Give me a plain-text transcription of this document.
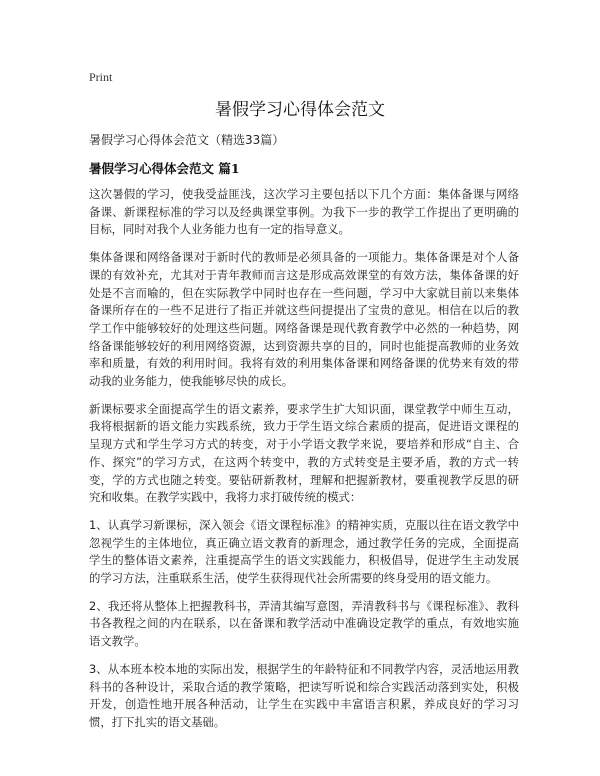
Print
暑假学习心得体会范文
暑假学习心得体会范文（精选33篇）
暑假学习心得体会范文 篇1

这次暑假的学习，使我受益匪浅，这次学习主要包括以下几个方面：集体备课与网络备课、新课程标准的学习以及经典课堂事例。为我下一步的教学工作提出了更明确的目标，同时对我个人业务能力也有一定的指导意义。

集体备课和网络备课对于新时代的教师是必须具备的一项能力。集体备课是对个人备课的有效补充，尤其对于青年教师而言这是形成高效课堂的有效方法，集体备课的好处是不言而喻的，但在实际教学中同时也存在一些问题，学习中大家就目前以来集体备课所存在的一些不足进行了指正并就这些问提提出了宝贵的意见。相信在以后的教学工作中能够较好的处理这些问题。网络备课是现代教育教学中必然的一种趋势，网络备课能够较好的利用网络资源，达到资源共享的目的，同时也能提高教师的业务效率和质量，有效的利用时间。我将有效的利用集体备课和网络备课的优势来有效的带动我的业务能力，使我能够尽快的成长。

新课标要求全面提高学生的语文素养，要求学生扩大知识面，课堂教学中师生互动，我将根据新的语文能力实践系统，致力于学生语文综合素质的提高，促进语文课程的呈现方式和学生学习方式的转变，对于小学语文教学来说，要培养和形成“自主、合作、探究”的学习方式，在这两个转变中，教的方式转变是主要矛盾，教的方式一转变，学的方式也随之转变。要钻研新教材，理解和把握新教材，要重视教学反思的研究和收集。在教学实践中，我将力求打破传统的模式：

1、认真学习新课标，深入领会《语文课程标准》的精神实质，克服以往在语文教学中忽视学生的主体地位，真正确立语文教育的新理念，通过教学任务的完成，全面提高学生的整体语文素养，注重提高学生的语文实践能力，积极倡导，促进学生主动发展的学习方法，注重联系生活，使学生获得现代社会所需要的终身受用的语文能力。

2、我还将从整体上把握教科书，弄清其编写意图，弄清教科书与《课程标准》、教科书各教程之间的内在联系，以在备课和教学活动中准确设定教学的重点，有效地实施语文教学。

3、从本班本校本地的实际出发，根据学生的年龄特征和不同教学内容，灵活地运用教科书的各种设计，采取合适的教学策略，把读写听说和综合实践活动落到实处，积极开发，创造性地开展各种活动，让学生在实践中丰富语言积累，养成良好的学习习惯，打下扎实的语文基础。
